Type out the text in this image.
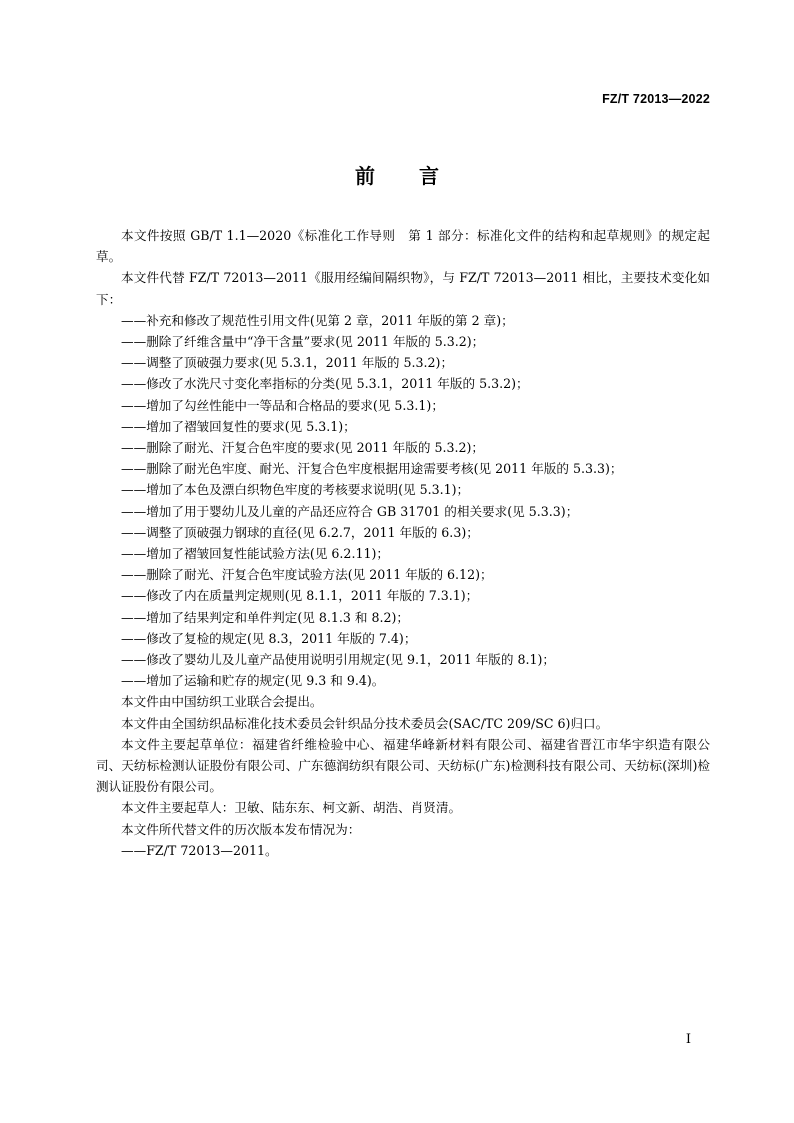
FZ/T 72013—2022
前 言

本文件按照 GB/T 1.1—2020《标准化工作导则　第 1 部分：标准化文件的结构和起草规则》的规定起草。

本文件代替 FZ/T 72013—2011《服用经编间隔织物》，与 FZ/T 72013—2011 相比，主要技术变化如下：

——补充和修改了规范性引用文件(见第 2 章，2011 年版的第 2 章)；

——删除了纤维含量中“净干含量”要求(见 2011 年版的 5.3.2)；

——调整了顶破强力要求(见 5.3.1，2011 年版的 5.3.2)；

——修改了水洗尺寸变化率指标的分类(见 5.3.1，2011 年版的 5.3.2)；

——增加了勾丝性能中一等品和合格品的要求(见 5.3.1)；

——增加了褶皱回复性的要求(见 5.3.1)；

——删除了耐光、汗复合色牢度的要求(见 2011 年版的 5.3.2)；

——删除了耐光色牢度、耐光、汗复合色牢度根据用途需要考核(见 2011 年版的 5.3.3)；

——增加了本色及漂白织物色牢度的考核要求说明(见 5.3.1)；

——增加了用于婴幼儿及儿童的产品还应符合 GB 31701 的相关要求(见 5.3.3)；

——调整了顶破强力钢球的直径(见 6.2.7，2011 年版的 6.3)；

——增加了褶皱回复性能试验方法(见 6.2.11)；

——删除了耐光、汗复合色牢度试验方法(见 2011 年版的 6.12)；

——修改了内在质量判定规则(见 8.1.1，2011 年版的 7.3.1)；

——增加了结果判定和单件判定(见 8.1.3 和 8.2)；

——修改了复检的规定(见 8.3，2011 年版的 7.4)；

——修改了婴幼儿及儿童产品使用说明引用规定(见 9.1，2011 年版的 8.1)；

——增加了运输和贮存的规定(见 9.3 和 9.4)。

本文件由中国纺织工业联合会提出。

本文件由全国纺织品标准化技术委员会针织品分技术委员会(SAC/TC 209/SC 6)归口。

本文件主要起草单位：福建省纤维检验中心、福建华峰新材料有限公司、福建省晋江市华宇织造有限公司、天纺标检测认证股份有限公司、广东德润纺织有限公司、天纺标(广东)检测科技有限公司、天纺标(深圳)检测认证股份有限公司。

本文件主要起草人：卫敏、陆东东、柯文新、胡浩、肖贤清。

本文件所代替文件的历次版本发布情况为：

——FZ/T 72013—2011。

I
